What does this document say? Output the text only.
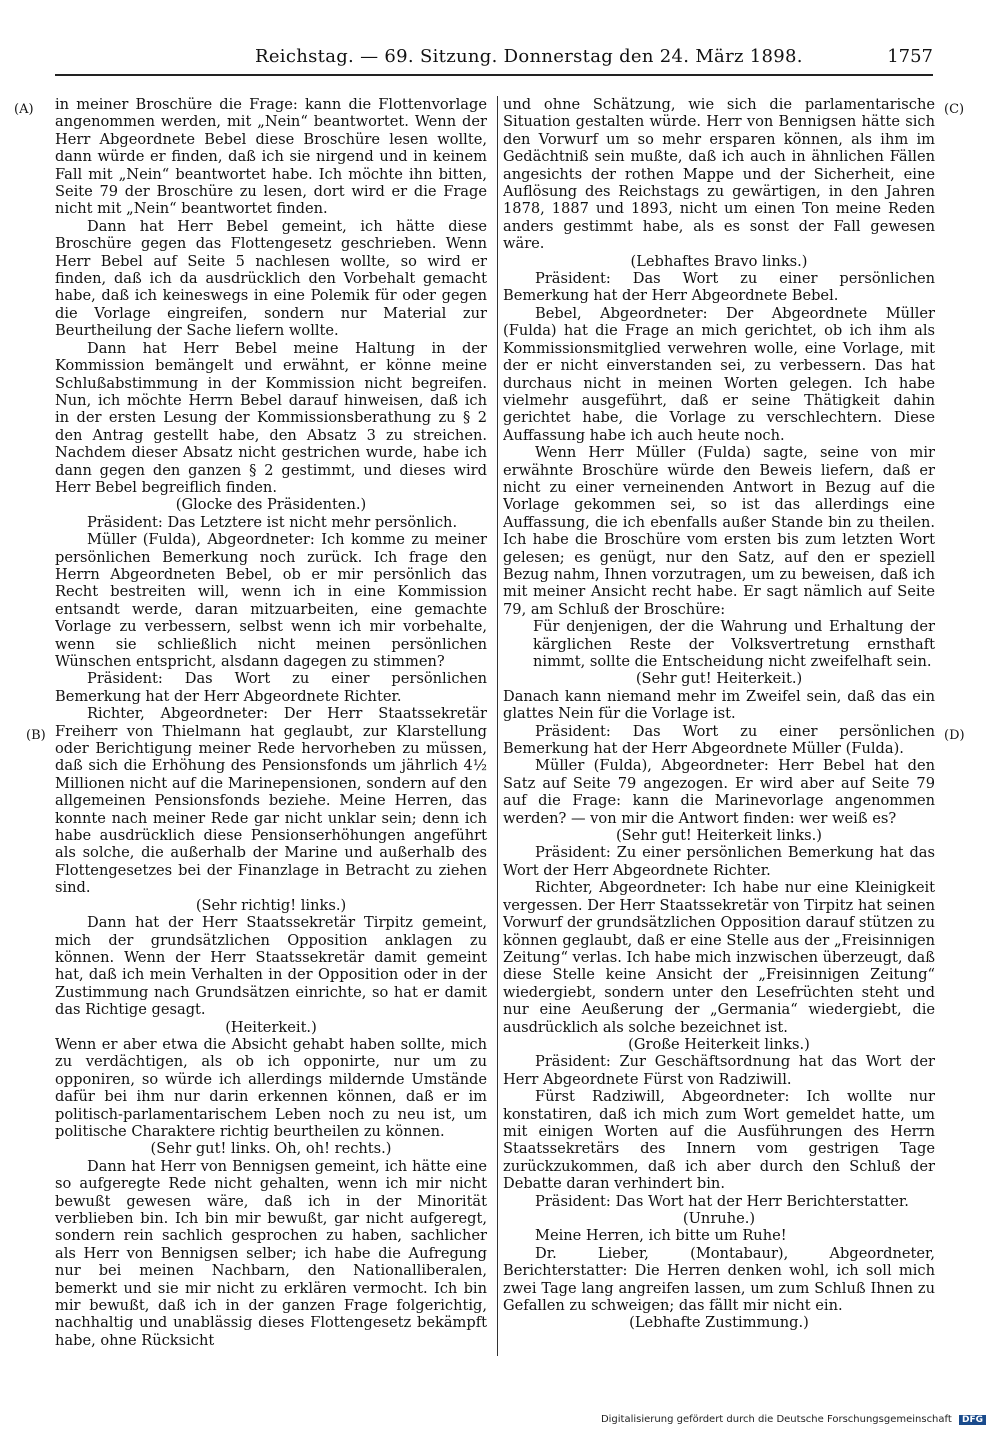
Reichstag. — 69. Sitzung. Donnerstag den 24. März 1898.	1757
(A)
(B)
(C)
(D)

in meiner Broschüre die Frage: kann die Flottenvorlage angenommen werden, mit „Nein“ beantwortet. Wenn der Herr Abgeordnete Bebel diese Broschüre lesen wollte, dann würde er finden, daß ich sie nirgend und in keinem Fall mit „Nein“ beantwortet habe. Ich möchte ihn bitten, Seite 79 der Broschüre zu lesen, dort wird er die Frage nicht mit „Nein“ beantwortet finden.

Dann hat Herr Bebel gemeint, ich hätte diese Broschüre gegen das Flottengesetz geschrieben. Wenn Herr Bebel auf Seite 5 nachlesen wollte, so wird er finden, daß ich da ausdrücklich den Vorbehalt gemacht habe, daß ich keineswegs in eine Polemik für oder gegen die Vorlage eingreifen, sondern nur Material zur Beurtheilung der Sache liefern wollte.

Dann hat Herr Bebel meine Haltung in der Kommission bemängelt und erwähnt, er könne meine Schlußabstimmung in der Kommission nicht begreifen. Nun, ich möchte Herrn Bebel darauf hinweisen, daß ich in der ersten Lesung der Kommissionsberathung zu § 2 den Antrag gestellt habe, den Absatz 3 zu streichen. Nachdem dieser Absatz nicht gestrichen wurde, habe ich dann gegen den ganzen § 2 gestimmt, und dieses wird Herr Bebel begreiflich finden.

(Glocke des Präsidenten.)

Präsident: Das Letztere ist nicht mehr persönlich.

Müller (Fulda), Abgeordneter: Ich komme zu meiner persönlichen Bemerkung noch zurück. Ich frage den Herrn Abgeordneten Bebel, ob er mir persönlich das Recht bestreiten will, wenn ich in eine Kommission entsandt werde, daran mitzuarbeiten, eine gemachte Vorlage zu verbessern, selbst wenn ich mir vorbehalte, wenn sie schließlich nicht meinen persönlichen Wünschen entspricht, alsdann dagegen zu stimmen?

Präsident: Das Wort zu einer persönlichen Bemerkung hat der Herr Abgeordnete Richter.

Richter, Abgeordneter: Der Herr Staatssekretär Freiherr von Thielmann hat geglaubt, zur Klarstellung oder Berichtigung meiner Rede hervorheben zu müssen, daß sich die Erhöhung des Pensionsfonds um jährlich 4½ Millionen nicht auf die Marinepensionen, sondern auf den allgemeinen Pensionsfonds beziehe. Meine Herren, das konnte nach meiner Rede gar nicht unklar sein; denn ich habe ausdrücklich diese Pensionserhöhungen angeführt als solche, die außerhalb der Marine und außerhalb des Flottengesetzes bei der Finanzlage in Betracht zu ziehen sind.

(Sehr richtig! links.)

Dann hat der Herr Staatssekretär Tirpitz gemeint, mich der grundsätzlichen Opposition anklagen zu können. Wenn der Herr Staatssekretär damit gemeint hat, daß ich mein Verhalten in der Opposition oder in der Zustimmung nach Grundsätzen einrichte, so hat er damit das Richtige gesagt.

(Heiterkeit.)

Wenn er aber etwa die Absicht gehabt haben sollte, mich zu verdächtigen, als ob ich opponirte, nur um zu opponiren, so würde ich allerdings mildernde Umstände dafür bei ihm nur darin erkennen können, daß er im politisch-parlamentarischem Leben noch zu neu ist, um politische Charaktere richtig beurtheilen zu können.

(Sehr gut! links. Oh, oh! rechts.)

Dann hat Herr von Bennigsen gemeint, ich hätte eine so aufgeregte Rede nicht gehalten, wenn ich mir nicht bewußt gewesen wäre, daß ich in der Minorität verblieben bin. Ich bin mir bewußt, gar nicht aufgeregt, sondern rein sachlich gesprochen zu haben, sachlicher als Herr von Bennigsen selber; ich habe die Aufregung nur bei meinen Nachbarn, den Nationalliberalen, bemerkt und sie mir nicht zu erklären vermocht. Ich bin mir bewußt, daß ich in der ganzen Frage folgerichtig, nachhaltig und unablässig dieses Flottengesetz bekämpft habe, ohne Rücksicht

und ohne Schätzung, wie sich die parlamentarische Situation gestalten würde. Herr von Bennigsen hätte sich den Vorwurf um so mehr ersparen können, als ihm im Gedächtniß sein mußte, daß ich auch in ähnlichen Fällen angesichts der rothen Mappe und der Sicherheit, eine Auflösung des Reichstags zu gewärtigen, in den Jahren 1878, 1887 und 1893, nicht um einen Ton meine Reden anders gestimmt habe, als es sonst der Fall gewesen wäre.

(Lebhaftes Bravo links.)

Präsident: Das Wort zu einer persönlichen Bemerkung hat der Herr Abgeordnete Bebel.

Bebel, Abgeordneter: Der Abgeordnete Müller (Fulda) hat die Frage an mich gerichtet, ob ich ihm als Kommissionsmitglied verwehren wolle, eine Vorlage, mit der er nicht einverstanden sei, zu verbessern. Das hat durchaus nicht in meinen Worten gelegen. Ich habe vielmehr ausgeführt, daß er seine Thätigkeit dahin gerichtet habe, die Vorlage zu verschlechtern. Diese Auffassung habe ich auch heute noch.

Wenn Herr Müller (Fulda) sagte, seine von mir erwähnte Broschüre würde den Beweis liefern, daß er nicht zu einer verneinenden Antwort in Bezug auf die Vorlage gekommen sei, so ist das allerdings eine Auffassung, die ich ebenfalls außer Stande bin zu theilen. Ich habe die Broschüre vom ersten bis zum letzten Wort gelesen; es genügt, nur den Satz, auf den er speziell Bezug nahm, Ihnen vorzutragen, um zu beweisen, daß ich mit meiner Ansicht recht habe. Er sagt nämlich auf Seite 79, am Schluß der Broschüre:

Für denjenigen, der die Wahrung und Erhaltung der kärglichen Reste der Volksvertretung ernsthaft nimmt, sollte die Entscheidung nicht zweifelhaft sein.

(Sehr gut! Heiterkeit.)

Danach kann niemand mehr im Zweifel sein, daß das ein glattes Nein für die Vorlage ist.

Präsident: Das Wort zu einer persönlichen Bemerkung hat der Herr Abgeordnete Müller (Fulda).

Müller (Fulda), Abgeordneter: Herr Bebel hat den Satz auf Seite 79 angezogen. Er wird aber auf Seite 79 auf die Frage: kann die Marinevorlage angenommen werden? — von mir die Antwort finden: wer weiß es?

(Sehr gut! Heiterkeit links.)

Präsident: Zu einer persönlichen Bemerkung hat das Wort der Herr Abgeordnete Richter.

Richter, Abgeordneter: Ich habe nur eine Kleinigkeit vergessen. Der Herr Staatssekretär von Tirpitz hat seinen Vorwurf der grundsätzlichen Opposition darauf stützen zu können geglaubt, daß er eine Stelle aus der „Freisinnigen Zeitung“ verlas. Ich habe mich inzwischen überzeugt, daß diese Stelle keine Ansicht der „Freisinnigen Zeitung“ wiedergiebt, sondern unter den Lesefrüchten steht und nur eine Aeußerung der „Germania“ wiedergiebt, die ausdrücklich als solche bezeichnet ist.

(Große Heiterkeit links.)

Präsident: Zur Geschäftsordnung hat das Wort der Herr Abgeordnete Fürst von Radziwill.

Fürst Radziwill, Abgeordneter: Ich wollte nur konstatiren, daß ich mich zum Wort gemeldet hatte, um mit einigen Worten auf die Ausführungen des Herrn Staatssekretärs des Innern vom gestrigen Tage zurückzukommen, daß ich aber durch den Schluß der Debatte daran verhindert bin.

Präsident: Das Wort hat der Herr Berichterstatter.

(Unruhe.)

Meine Herren, ich bitte um Ruhe!

Dr. Lieber, (Montabaur), Abgeordneter, Berichterstatter: Die Herren denken wohl, ich soll mich zwei Tage lang angreifen lassen, um zum Schluß Ihnen zu Gefallen zu schweigen; das fällt mir nicht ein.

(Lebhafte Zustimmung.)

Digitalisierung gefördert durch die Deutsche Forschungsgemeinschaft DFG
